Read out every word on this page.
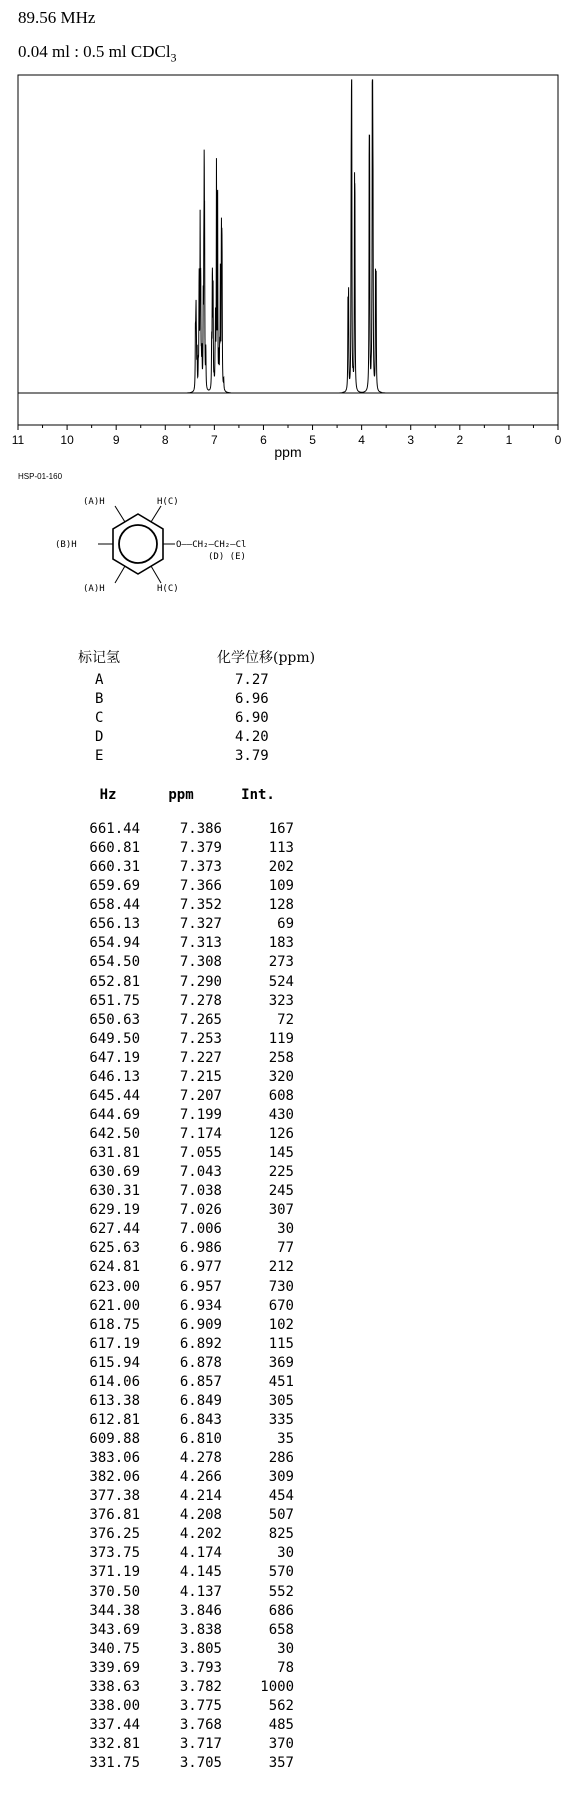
89.56 MHz
0.04 ml : 0.5 ml CDCl$_3$
11	10	9	8	7	6	5	4	3	2	1	0
ppm
HSP-01-160
(A)H	H(C)
(B)H
(A)H	H(C)
O——CH₂—CH₂—Cl
(D) (E)
标记氢	化学位移(ppm)
A	7.27
B	6.96
C	6.90
D	4.20
E	3.79
Hz	ppm	Int.
661.44	7.386	167
660.81	7.379	113
660.31	7.373	202
659.69	7.366	109
658.44	7.352	128
656.13	7.327	69
654.94	7.313	183
654.50	7.308	273
652.81	7.290	524
651.75	7.278	323
650.63	7.265	72
649.50	7.253	119
647.19	7.227	258
646.13	7.215	320
645.44	7.207	608
644.69	7.199	430
642.50	7.174	126
631.81	7.055	145
630.69	7.043	225
630.31	7.038	245
629.19	7.026	307
627.44	7.006	30
625.63	6.986	77
624.81	6.977	212
623.00	6.957	730
621.00	6.934	670
618.75	6.909	102
617.19	6.892	115
615.94	6.878	369
614.06	6.857	451
613.38	6.849	305
612.81	6.843	335
609.88	6.810	35
383.06	4.278	286
382.06	4.266	309
377.38	4.214	454
376.81	4.208	507
376.25	4.202	825
373.75	4.174	30
371.19	4.145	570
370.50	4.137	552
344.38	3.846	686
343.69	3.838	658
340.75	3.805	30
339.69	3.793	78
338.63	3.782	1000
338.00	3.775	562
337.44	3.768	485
332.81	3.717	370
331.75	3.705	357
